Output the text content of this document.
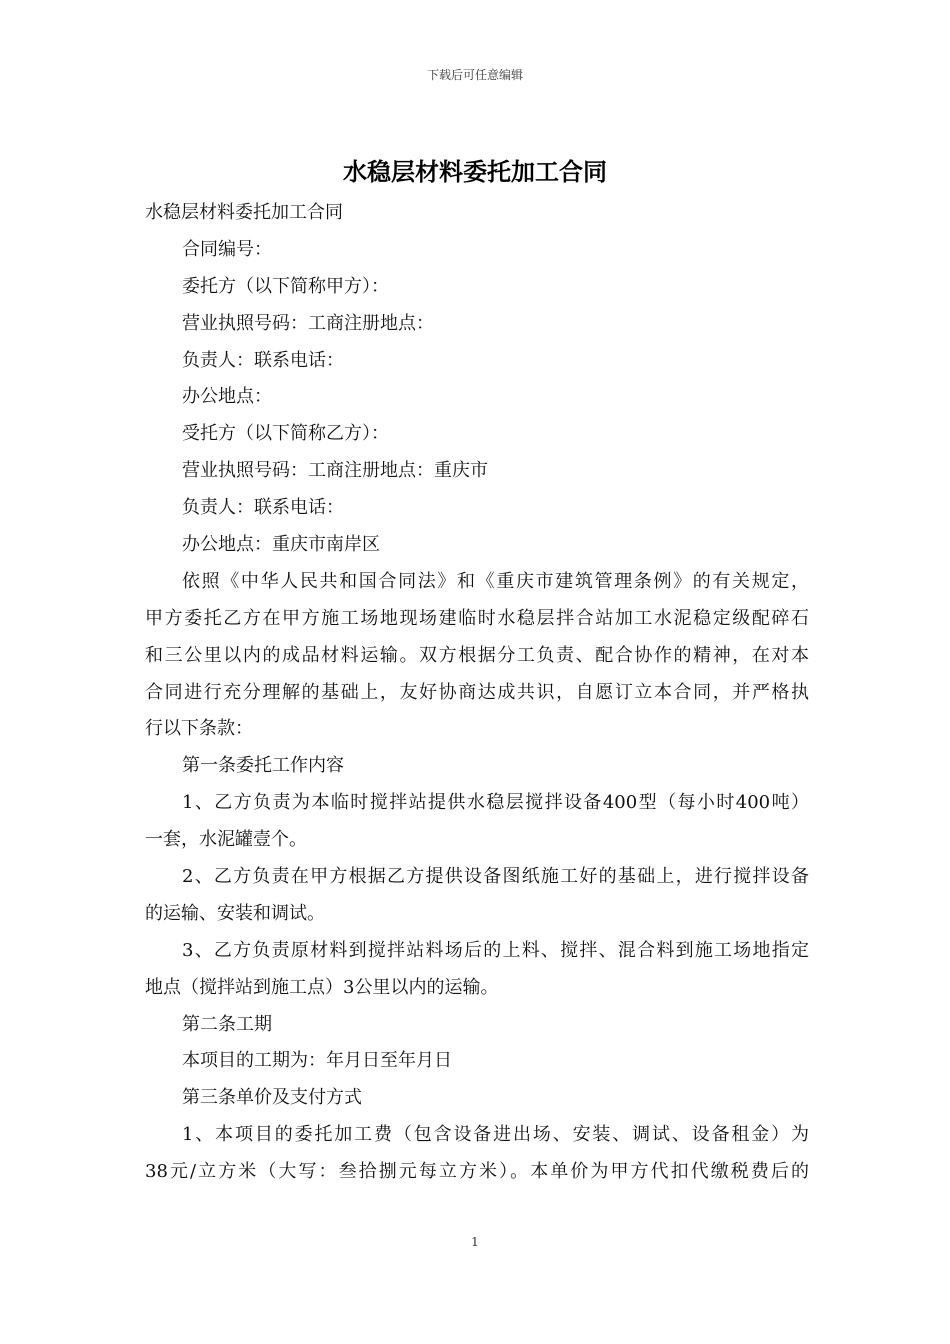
下载后可任意编辑
水稳层材料委托加工合同
水稳层材料委托加工合同
合同编号：
委托方（以下简称甲方）：
营业执照号码：工商注册地点：
负责人：联系电话：
办公地点：
受托方（以下简称乙方）：
营业执照号码：工商注册地点：重庆市
负责人：联系电话：
办公地点：重庆市南岸区
依照《中华人民共和国合同法》和《重庆市建筑管理条例》的有关规定，
甲方委托乙方在甲方施工场地现场建临时水稳层拌合站加工水泥稳定级配碎石
和三公里以内的成品材料运输。双方根据分工负责、配合协作的精神，在对本
合同进行充分理解的基础上，友好协商达成共识，自愿订立本合同，并严格执
行以下条款：
第一条委托工作内容
1、乙方负责为本临时搅拌站提供水稳层搅拌设备400型（每小时400吨）
一套，水泥罐壹个。
2、乙方负责在甲方根据乙方提供设备图纸施工好的基础上，进行搅拌设备
的运输、安装和调试。
3、乙方负责原材料到搅拌站料场后的上料、搅拌、混合料到施工场地指定
地点（搅拌站到施工点）3公里以内的运输。
第二条工期
本项目的工期为：年月日至年月日
第三条单价及支付方式
1、本项目的委托加工费（包含设备进出场、安装、调试、设备租金）为
38元/立方米（大写：叁拾捌元每立方米）。本单价为甲方代扣代缴税费后的
1
